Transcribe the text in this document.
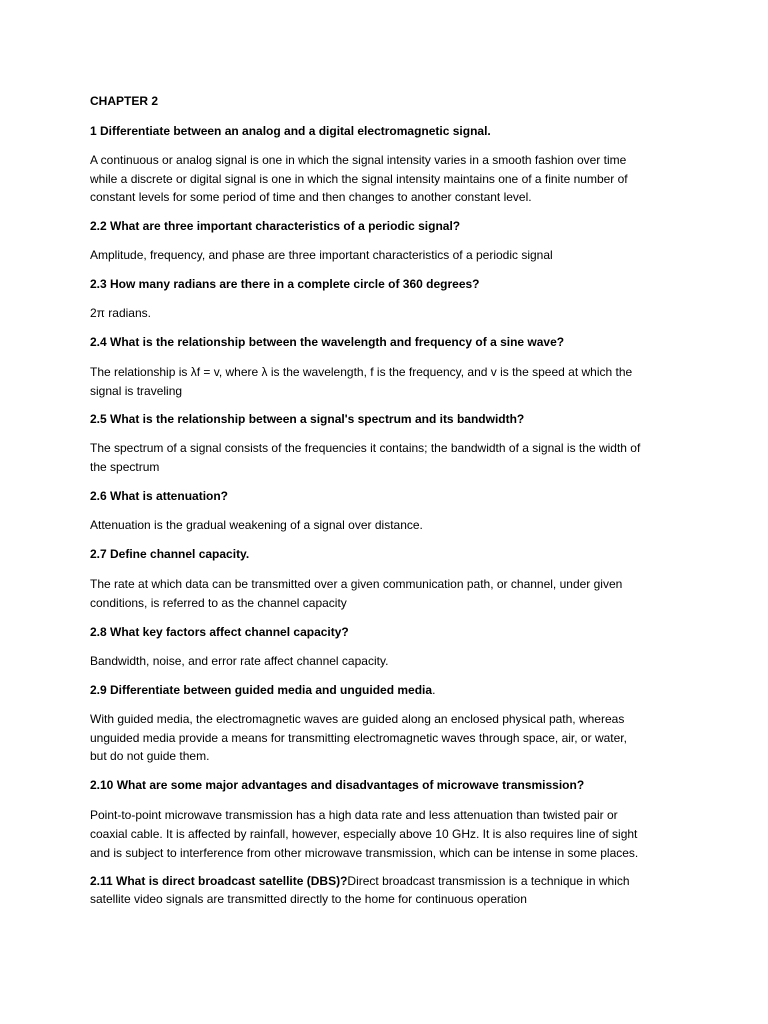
CHAPTER 2
1 Differentiate between an analog and a digital electromagnetic signal.
A continuous or analog signal is one in which the signal intensity varies in a smooth fashion over time
while a discrete or digital signal is one in which the signal intensity maintains one of a finite number of
constant levels for some period of time and then changes to another constant level.
2.2 What are three important characteristics of a periodic signal?
Amplitude, frequency, and phase are three important characteristics of a periodic signal
2.3 How many radians are there in a complete circle of 360 degrees?
2π radians.
2.4 What is the relationship between the wavelength and frequency of a sine wave?
The relationship is λf = v, where λ is the wavelength, f is the frequency, and v is the speed at which the
signal is traveling
2.5 What is the relationship between a signal's spectrum and its bandwidth?
The spectrum of a signal consists of the frequencies it contains; the bandwidth of a signal is the width of
the spectrum
2.6 What is attenuation?
Attenuation is the gradual weakening of a signal over distance.
2.7 Define channel capacity.
The rate at which data can be transmitted over a given communication path, or channel, under given
conditions, is referred to as the channel capacity
2.8 What key factors affect channel capacity?
Bandwidth, noise, and error rate affect channel capacity.
2.9 Differentiate between guided media and unguided media.
With guided media, the electromagnetic waves are guided along an enclosed physical path, whereas
unguided media provide a means for transmitting electromagnetic waves through space, air, or water,
but do not guide them.
2.10 What are some major advantages and disadvantages of microwave transmission?
Point-to-point microwave transmission has a high data rate and less attenuation than twisted pair or
coaxial cable. It is affected by rainfall, however, especially above 10 GHz. It is also requires line of sight
and is subject to interference from other microwave transmission, which can be intense in some places.
2.11 What is direct broadcast satellite (DBS)?Direct broadcast transmission is a technique in which
satellite video signals are transmitted directly to the home for continuous operation
